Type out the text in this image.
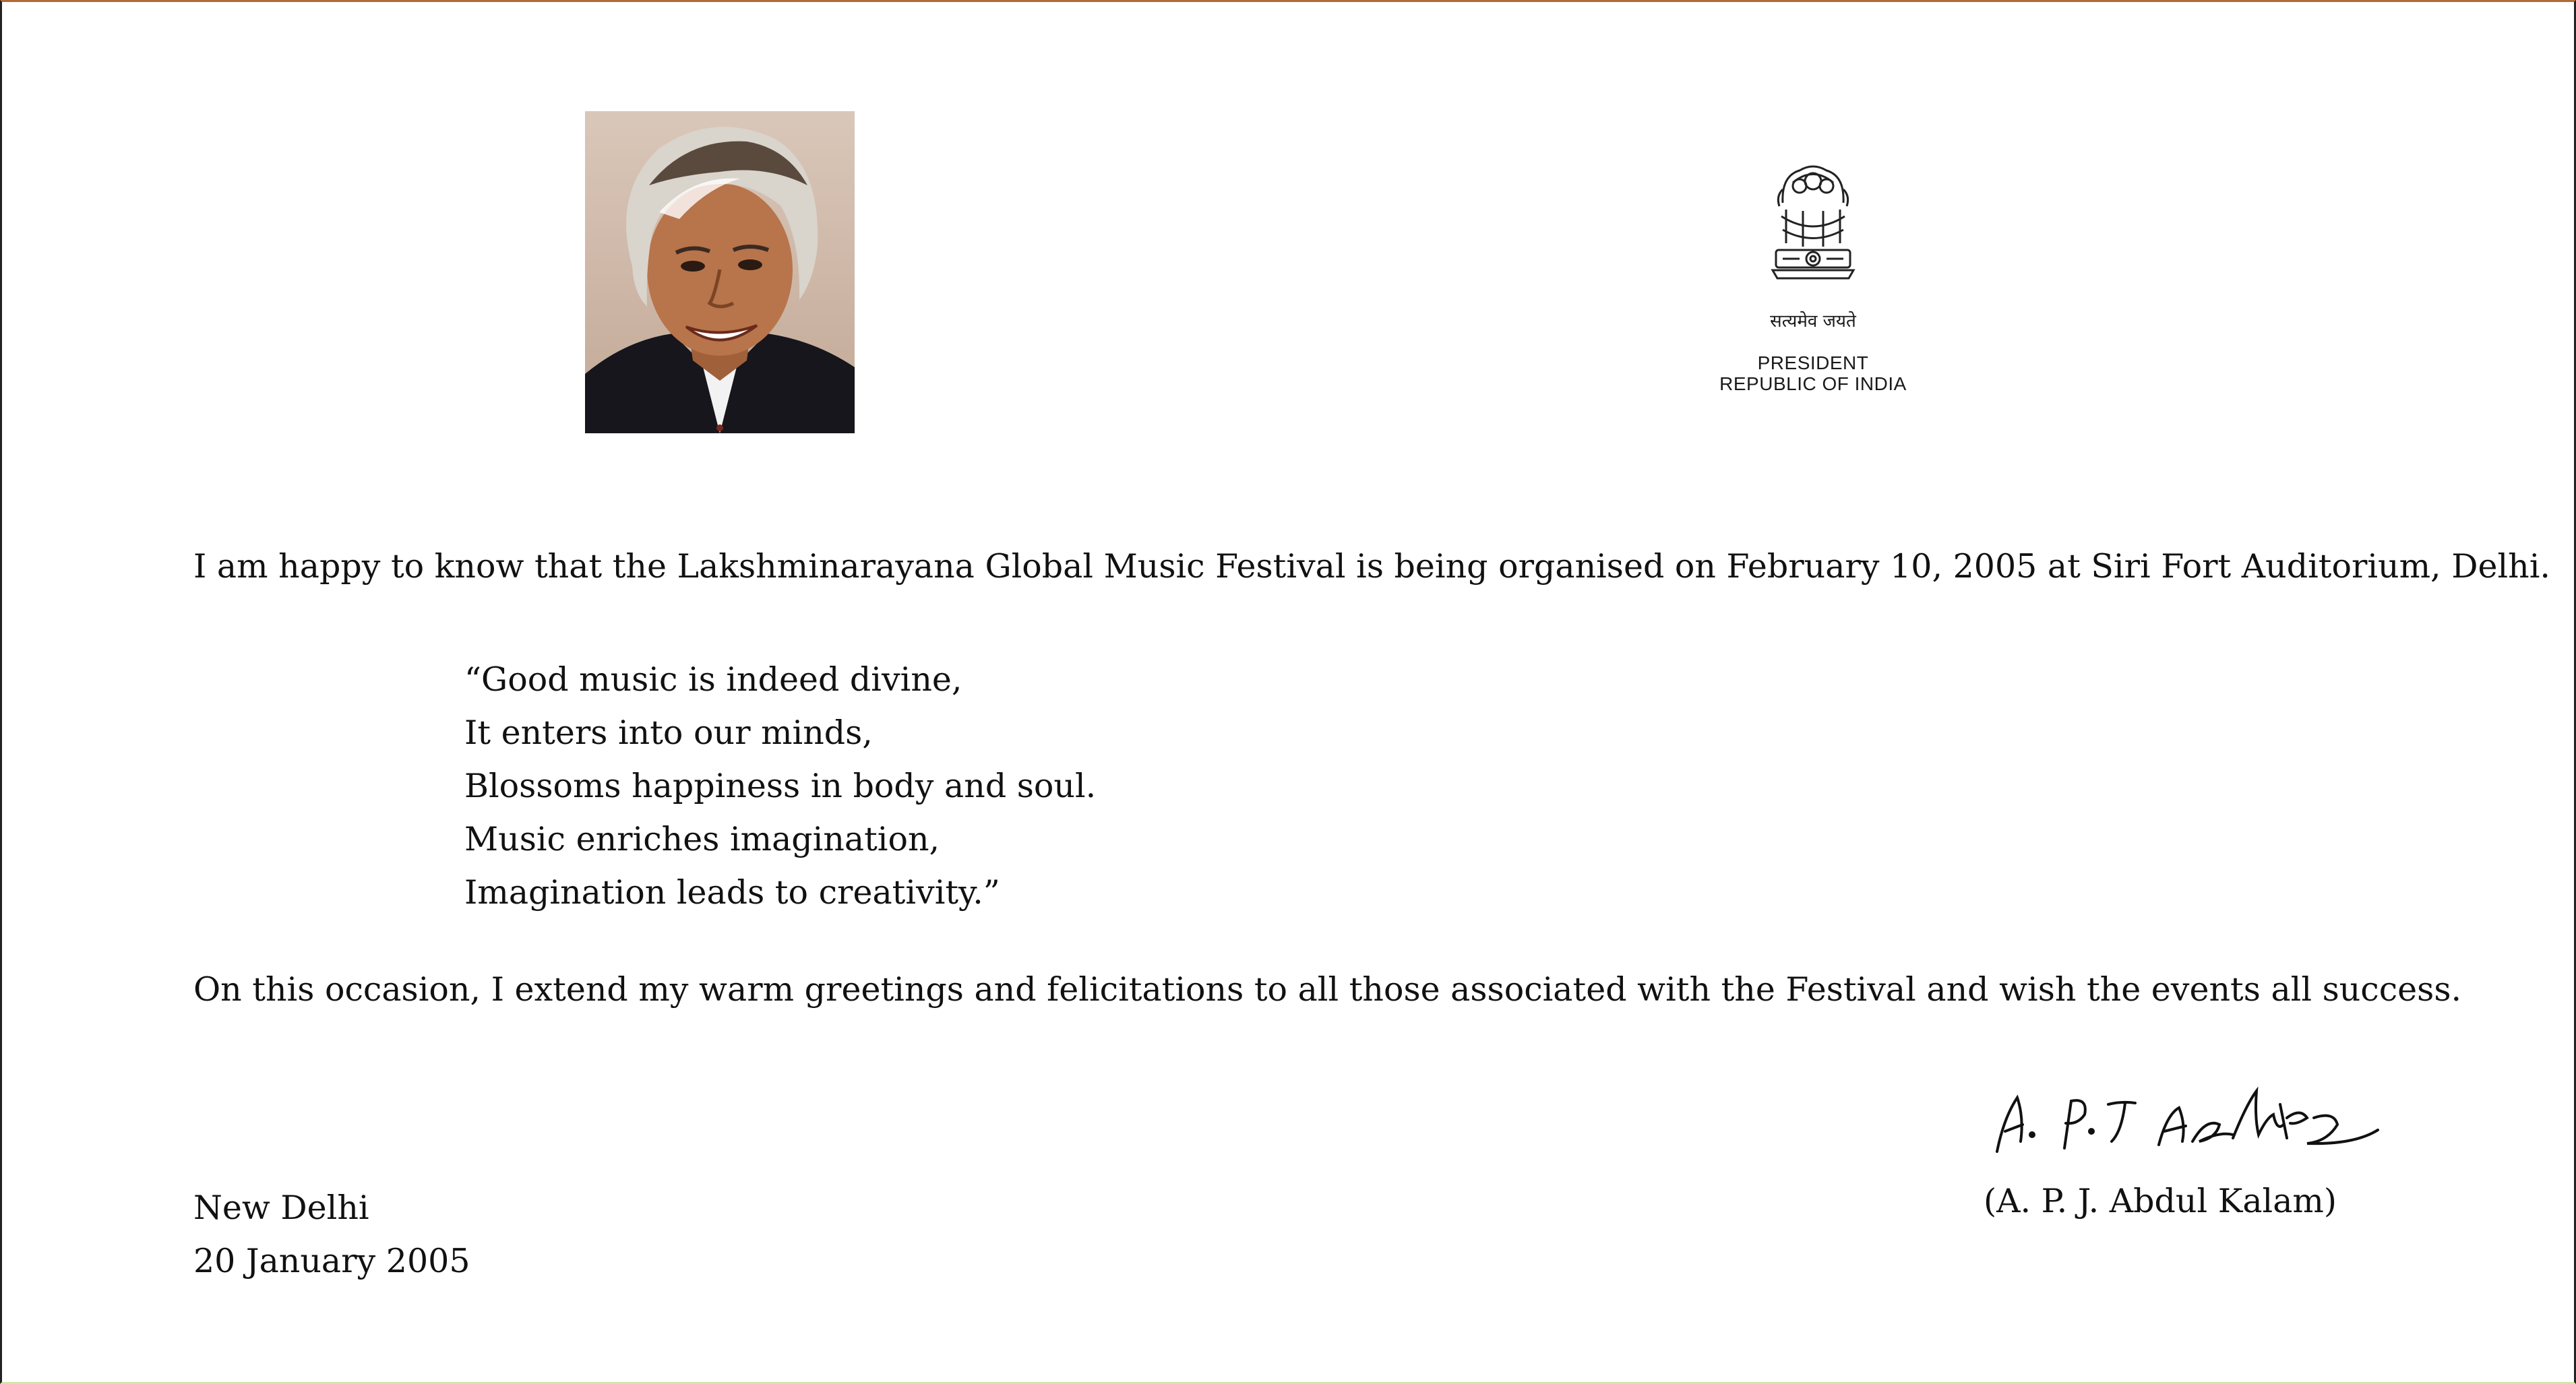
सत्यमेव जयते
PRESIDENT
REPUBLIC OF INDIA
I am happy to know that the Lakshminarayana Global Music Festival is being organised on February 10, 2005 at Siri Fort Auditorium, Delhi.
“Good music is indeed divine,
It enters into our minds,
Blossoms happiness in body and soul.
Music enriches imagination,
Imagination leads to creativity.”
On this occasion, I extend my warm greetings and felicitations to all those associated with the Festival and wish the events all success.
(A. P. J. Abdul Kalam)
New Delhi
20 January 2005
